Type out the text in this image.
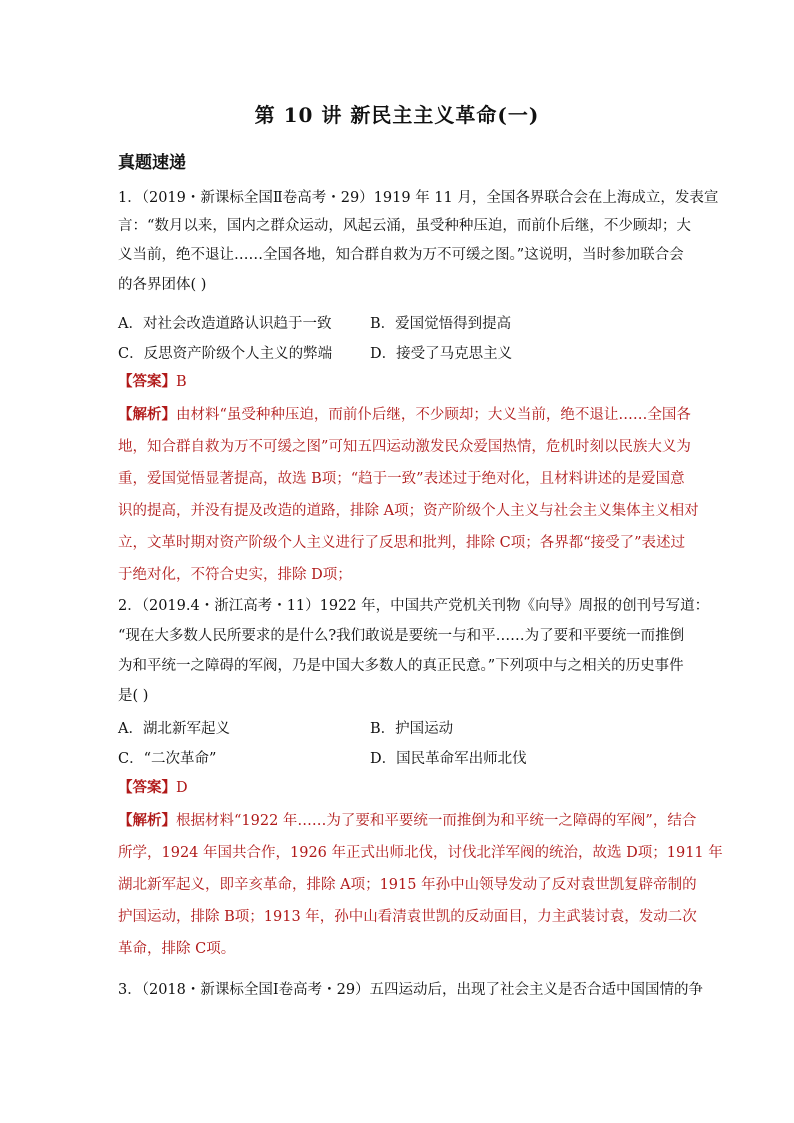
第 10 讲 新民主主义革命(一)
真题速递
1．（2019・新课标全国Ⅱ卷高考・29）1919 年 11 月，全国各界联合会在上海成立，发表宣
言：“数月以来，国内之群众运动，风起云涌，虽受种种压迫，而前仆后继，不少顾却；大
义当前，绝不退让……全国各地，知合群自救为万不可缓之图。”这说明，当时参加联合会
的各界团体( )
A．对社会改造道路认识趋于一致	B．爱国觉悟得到提高
C．反思资产阶级个人主义的弊端	D．接受了马克思主义
【答案】B
【解析】由材料“虽受种种压迫，而前仆后继，不少顾却；大义当前，绝不退让……全国各
地，知合群自救为万不可缓之图”可知五四运动激发民众爱国热情，危机时刻以民族大义为
重，爱国觉悟显著提高，故选 B项；“趋于一致”表述过于绝对化，且材料讲述的是爱国意
识的提高，并没有提及改造的道路，排除 A项；资产阶级个人主义与社会主义集体主义相对
立，文革时期对资产阶级个人主义进行了反思和批判，排除 C项；各界都“接受了”表述过
于绝对化，不符合史实，排除 D项；
2．（2019.4・浙江高考・11）1922 年，中国共产党机关刊物《向导》周报的创刊号写道：
“现在大多数人民所要求的是什么?我们敢说是要统一与和平……为了要和平要统一而推倒
为和平统一之障碍的军阀，乃是中国大多数人的真正民意。”下列项中与之相关的历史事件
是( )
A．湖北新军起义	B．护国运动
C．“二次革命”	D．国民革命军出师北伐
【答案】D
【解析】根据材料“1922 年……为了要和平要统一而推倒为和平统一之障碍的军阀”，结合
所学，1924 年国共合作，1926 年正式出师北伐，讨伐北洋军阀的统治，故选 D项；1911 年
湖北新军起义，即辛亥革命，排除 A项；1915 年孙中山领导发动了反对袁世凯复辟帝制的
护国运动，排除 B项；1913 年，孙中山看清袁世凯的反动面目，力主武装讨袁，发动二次
革命，排除 C项。
3．（2018・新课标全国Ⅰ卷高考・29）五四运动后，出现了社会主义是否合适中国国情的争
